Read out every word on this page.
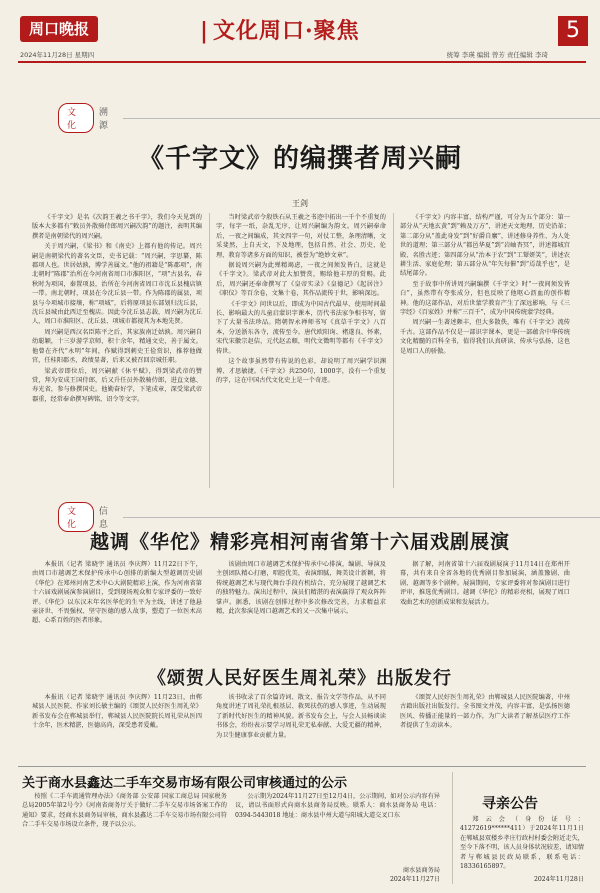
周口晚报	| 文化周口·聚焦	5
2024年11月28日 星期四	统筹 李瑛 编辑 曾芳 责任编辑 李琦
文化
溯源
《千字文》的编撰者周兴嗣
王剑

《千字文》是名《次韵王羲之书千字》，我们今天见到的版本大多都有“敕员外散骑侍郎周兴嗣次韵”的题注，表明其编撰者是南朝梁代的周兴嗣。

关于周兴嗣，《梁书》和《南史》上都有他的传记。周兴嗣是南朝梁代的著名文臣，史书记载：“周兴嗣，字思纂，陈郡项人也。世居姑孰，博学善属文。”他的祖籍是“陈郡项”，南北朝时“陈郡”治所在今河南省周口市淮阳区，“项”古县名，春秋时为项国，秦置项县，治所在今河南省周口市沈丘县槐店镇一带。南北朝时，项县在今沈丘县一带。作为陈郡的属县，项县与今项城市接壤，称“项城”，后将原项县东部划归沈丘县，沈丘县城由此西迁至槐店。因此今沈丘县志载，周兴嗣为沈丘人，周口市淮阳区、沈丘县、项城市都视其为本地先贤。

周兴嗣是西汉名臣陈平之后，其家族南迁姑孰。周兴嗣自幼聪颖，十三岁游学京师，积十余年，精通文史，善于属文。他曾在齐代“永明”年间，作赋得到刺史王俭赏识，推荐他做官，任桂阳郡丞，政绩显著，后来又被召回京城任职。

梁武帝即位后，周兴嗣献《休平赋》，得到梁武帝的赞赏，拜为安成王国侍郎，后又升任员外散骑侍郎，进直文德、寿光省，参与修撰国史。他勤奋好学，下笔成章，深受梁武帝器重，经常奉命撰写碑铭、诏令等文字。

当时梁武帝令殷铁石从王羲之书迹中拓出一千个不重复的字，每字一纸，杂乱无序，让周兴嗣编为韵文。周兴嗣奉命后，一夜之间编成，其文四字一句，对仗工整，条理清晰，文采斐然，上自天文，下及地理，包括自然、社会、历史、伦理、教育等诸多方面的知识，被誉为“绝妙文章”。

据说周兴嗣为此殚精竭虑，一夜之间须发皆白，这就是《千字文》。梁武帝对此大加赞赏，赐给他丰厚的赏赐。此后，周兴嗣还奉命撰写了《皇帝实录》《皇德记》《起居注》《职仪》等百余卷，文集十卷，其作品流传于世，影响深远。

《千字文》问世以后，即成为中国古代最早、使用时间最长、影响最大的儿童启蒙识字课本，历代书法家争相书写，留下了大量书法珍品。隋朝智永禅师书写《真草千字文》八百本，分送浙东各寺，流传至今。唐代欧阳询、褚遂良、怀素，宋代宋徽宗赵佶，元代赵孟頫，明代文徵明等都有《千字文》传世。

这个故事虽然带有传说的色彩，却说明了周兴嗣学识渊博、才思敏捷。《千字文》共250句，1000字，没有一个重复的字，这在中国古代文化史上是一个奇迹。

《千字文》内容丰富，结构严谨，可分为五个部分：第一部分从“天地玄黄”到“赖及万方”，讲述天文地理、历史沿革；第二部分从“盖此身发”到“好爵自縻”，讲述修身养性、为人处世的道理；第三部分从“都邑华夏”到“岩岫杳冥”，讲述都城宫殿、名胜古迹；第四部分从“治本于农”到“工颦妍笑”，讲述农耕生活、家庭伦理；第五部分从“年矢每催”到“焉哉乎也”，是结尾部分。

至于故事中所讲周兴嗣编撰《千字文》时“一夜间须发皆白”，虽然带有夸张成分，但也反映了他呕心沥血的创作精神。他的这部作品，对后世蒙学教育产生了深远影响，与《三字经》《百家姓》并称“三百千”，成为中国传统蒙学经典。

周兴嗣一生著述颇丰，但大多散佚，唯有《千字文》流传千古。这部作品不仅是一部识字课本，更是一部蕴含中华传统文化精髓的百科全书，值得我们认真研读、传承与弘扬，这也是周口人的骄傲。

文化
信息
越调《华佗》精彩亮相河南省第十六届戏剧展演

本报讯（记者 梁晓宇 通讯员 李庆辉）11月22日下午，由周口市越调艺术保护传承中心创排的新编大型越调历史剧《华佗》在郑州河南艺术中心大剧院精彩上演，作为河南省第十六届戏剧展演参演剧目，受到现场观众和专家评委的一致好评。《华佗》以东汉末年名医华佗的生平为主线，讲述了他悬壶济世、不畏强权、坚守医德的感人故事，塑造了一位医术高超、心系百姓的医者形象。

该剧由周口市越调艺术保护传承中心排演，编剧、导演及主创团队精心打磨，唱腔优美，表演细腻，舞美设计新颖，将传统越调艺术与现代舞台手段有机结合，充分展现了越调艺术的独特魅力。演出过程中，演员们精湛的表演赢得了观众阵阵掌声。据悉，该剧在创排过程中多次修改完善，力求精益求精，此次参演是周口越调艺术的又一次集中展示。

据了解，河南省第十六届戏剧展演于11月14日在郑州开幕，共有来自全省各地的优秀剧目参加展演，涵盖豫剧、曲剧、越调等多个剧种。展演期间，专家评委将对参演剧目进行评审，推选优秀剧目。越调《华佗》的精彩亮相，展现了周口戏曲艺术的创新成果和发展活力。

《颂贺人民好医生周礼荣》出版发行

本报讯（记者 梁晓宇 通讯员 李庆辉）11月23日，由郸城县人民医院、作家刘长敏主编的《颂贺人民好医生周礼荣》新书发布会在郸城县举行，郸城县人民医院院长周礼荣从医四十余年，医术精湛，医德高尚，深受患者爱戴。

该书收录了百余篇诗词、散文、报告文学等作品，从不同角度讲述了周礼荣扎根基层、救死扶伤的感人事迹，生动展现了新时代好医生的精神风貌。新书发布会上，与会人员畅谈读书体会，纷纷表示要学习周礼荣无私奉献、大爱无疆的精神，为卫生健康事业贡献力量。

《颂贺人民好医生周礼荣》由郸城县人民医院编著，中州古籍出版社出版发行。全书图文并茂，内容丰富，是弘扬医德医风、传播正能量的一部力作，为广大读者了解基层医疗工作者提供了生动读本。

关于商水县鑫达二手车交易市场有限公司审核通过的公示

按照《二手车流通管理办法》《商务部 公安部 国家工商总局 国家税务总局2005年第2号令》《河南省商务厅关于做好二手车交易市场备案工作的通知》要求，经商水县商务局审核，商水县鑫达二手车交易市场有限公司符合二手车交易市场设立条件，现予以公示。

公示期为2024年11月27日至12月4日，公示期间，如对公示内容有异议，请以书面形式向商水县商务局反映。联系人：商水县商务局 电话：0394-5443018 地址：商水县中州大道与阳城大道交叉口东

商水县商务局
2024年11月27日
寻亲公告

郑云会（身份证号：41272619******411）于2024年11月1日在郸城县双楼乡孝庄行政村村委会附近走失，至今下落不明，该人员身体状况较差，请知情者与郸城县民政局联系，联系电话：18336165897。

2024年11月28日
